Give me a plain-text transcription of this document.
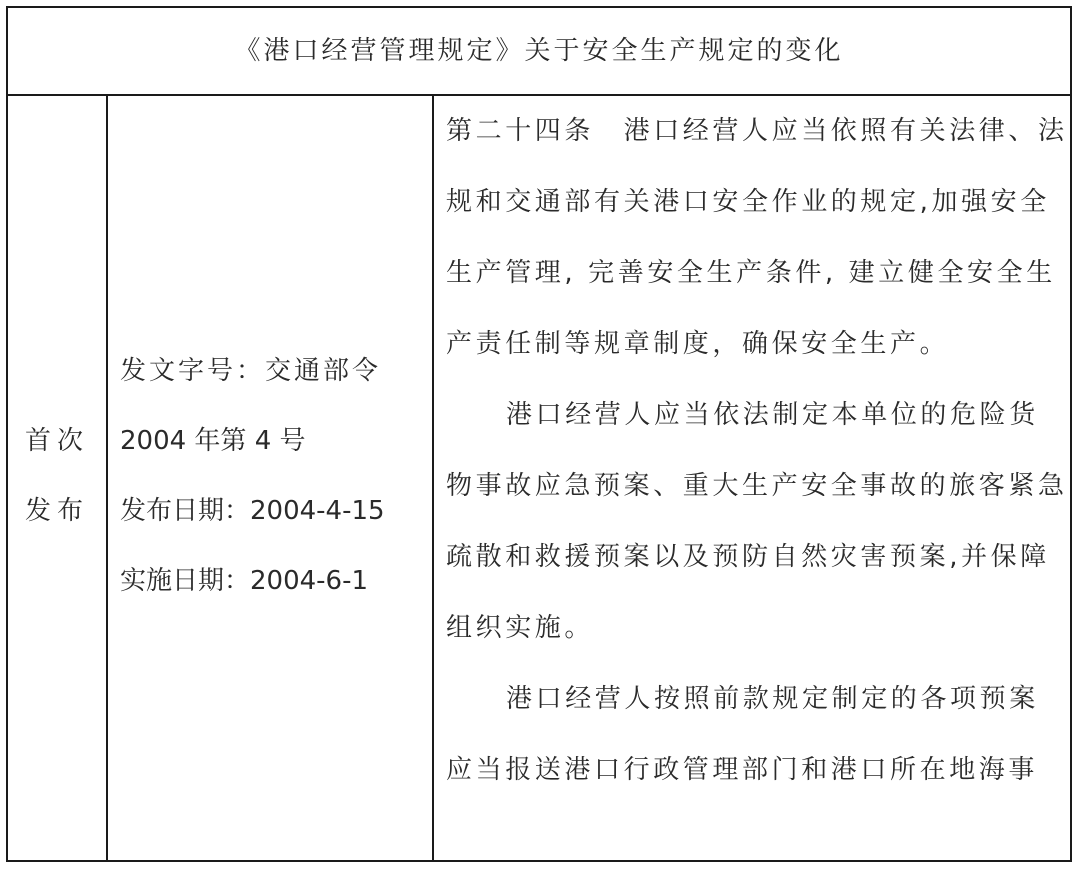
《港口经营管理规定》关于安全生产规定的变化
首次
发布
发文字号：交通部令
2004 年第 4 号
发布日期：2004-4-15
实施日期：2004-6-1
第二十四条　港口经营人应当依照有关法律、法
规和交通部有关港口安全作业的规定,加强安全
生产管理, 完善安全生产条件, 建立健全安全生
产责任制等规章制度，确保安全生产。
港口经营人应当依法制定本单位的危险货
物事故应急预案、重大生产安全事故的旅客紧急
疏散和救援预案以及预防自然灾害预案,并保障
组织实施。
港口经营人按照前款规定制定的各项预案
应当报送港口行政管理部门和港口所在地海事
